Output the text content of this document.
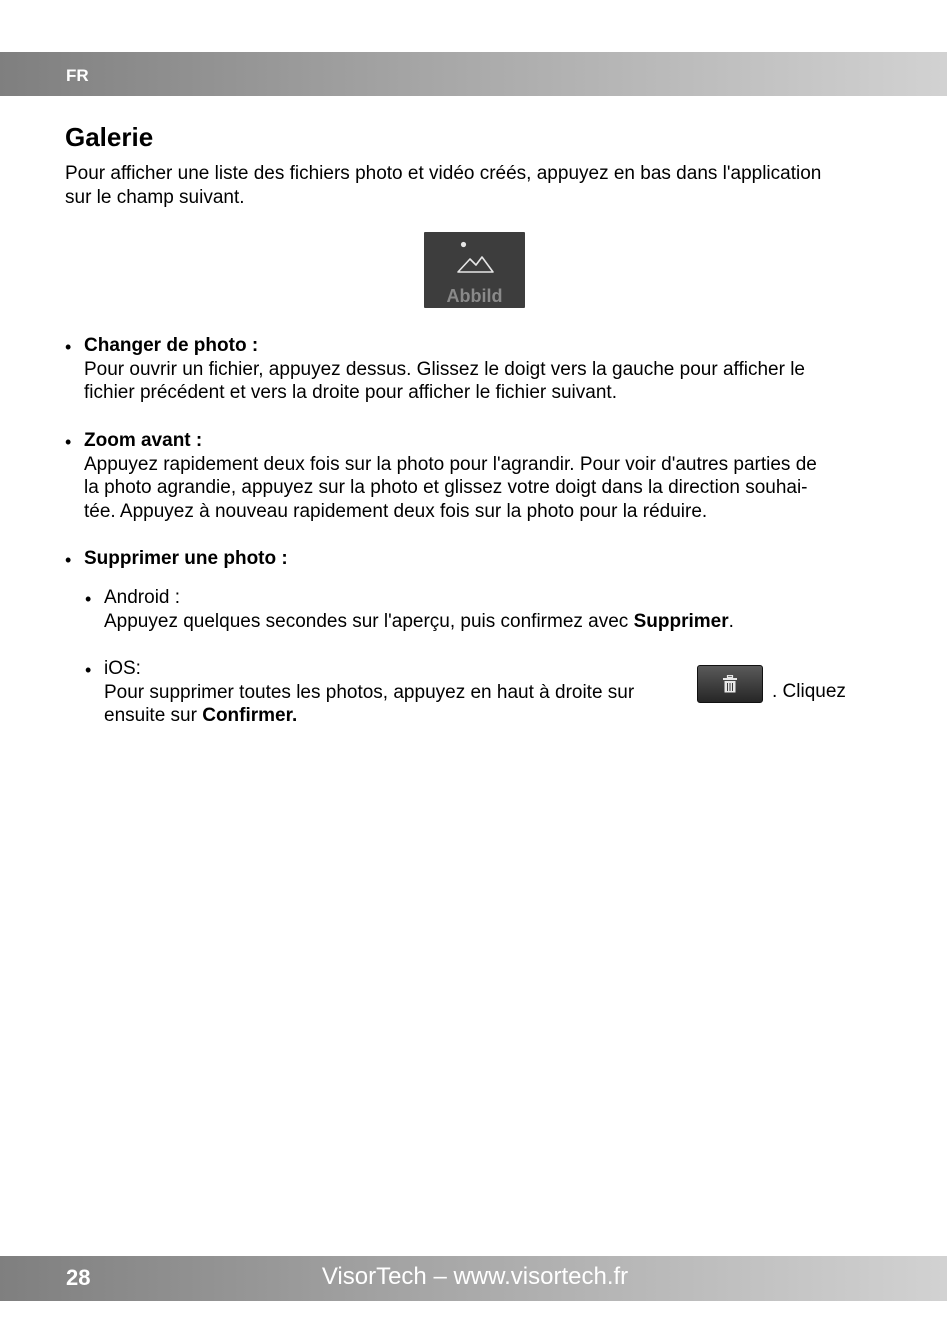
FR
Galerie
Pour afficher une liste des fichiers photo et vidéo créés, appuyez en bas dans l'application
sur le champ suivant.
Abbild
• Changer de photo :
Pour ouvrir un fichier, appuyez dessus. Glissez le doigt vers la gauche pour afficher le
fichier précédent et vers la droite pour afficher le fichier suivant.
• Zoom avant :
Appuyez rapidement deux fois sur la photo pour l'agrandir. Pour voir d'autres parties de
la photo agrandie, appuyez sur la photo et glissez votre doigt dans la direction souhai-
tée. Appuyez à nouveau rapidement deux fois sur la photo pour la réduire.
• Supprimer une photo :
• Android :
Appuyez quelques secondes sur l'aperçu, puis confirmez avec Supprimer.
• iOS:
Pour supprimer toutes les photos, appuyez en haut à droite sur
ensuite sur Confirmer.
. Cliquez
28	VisorTech – www.visortech.fr
